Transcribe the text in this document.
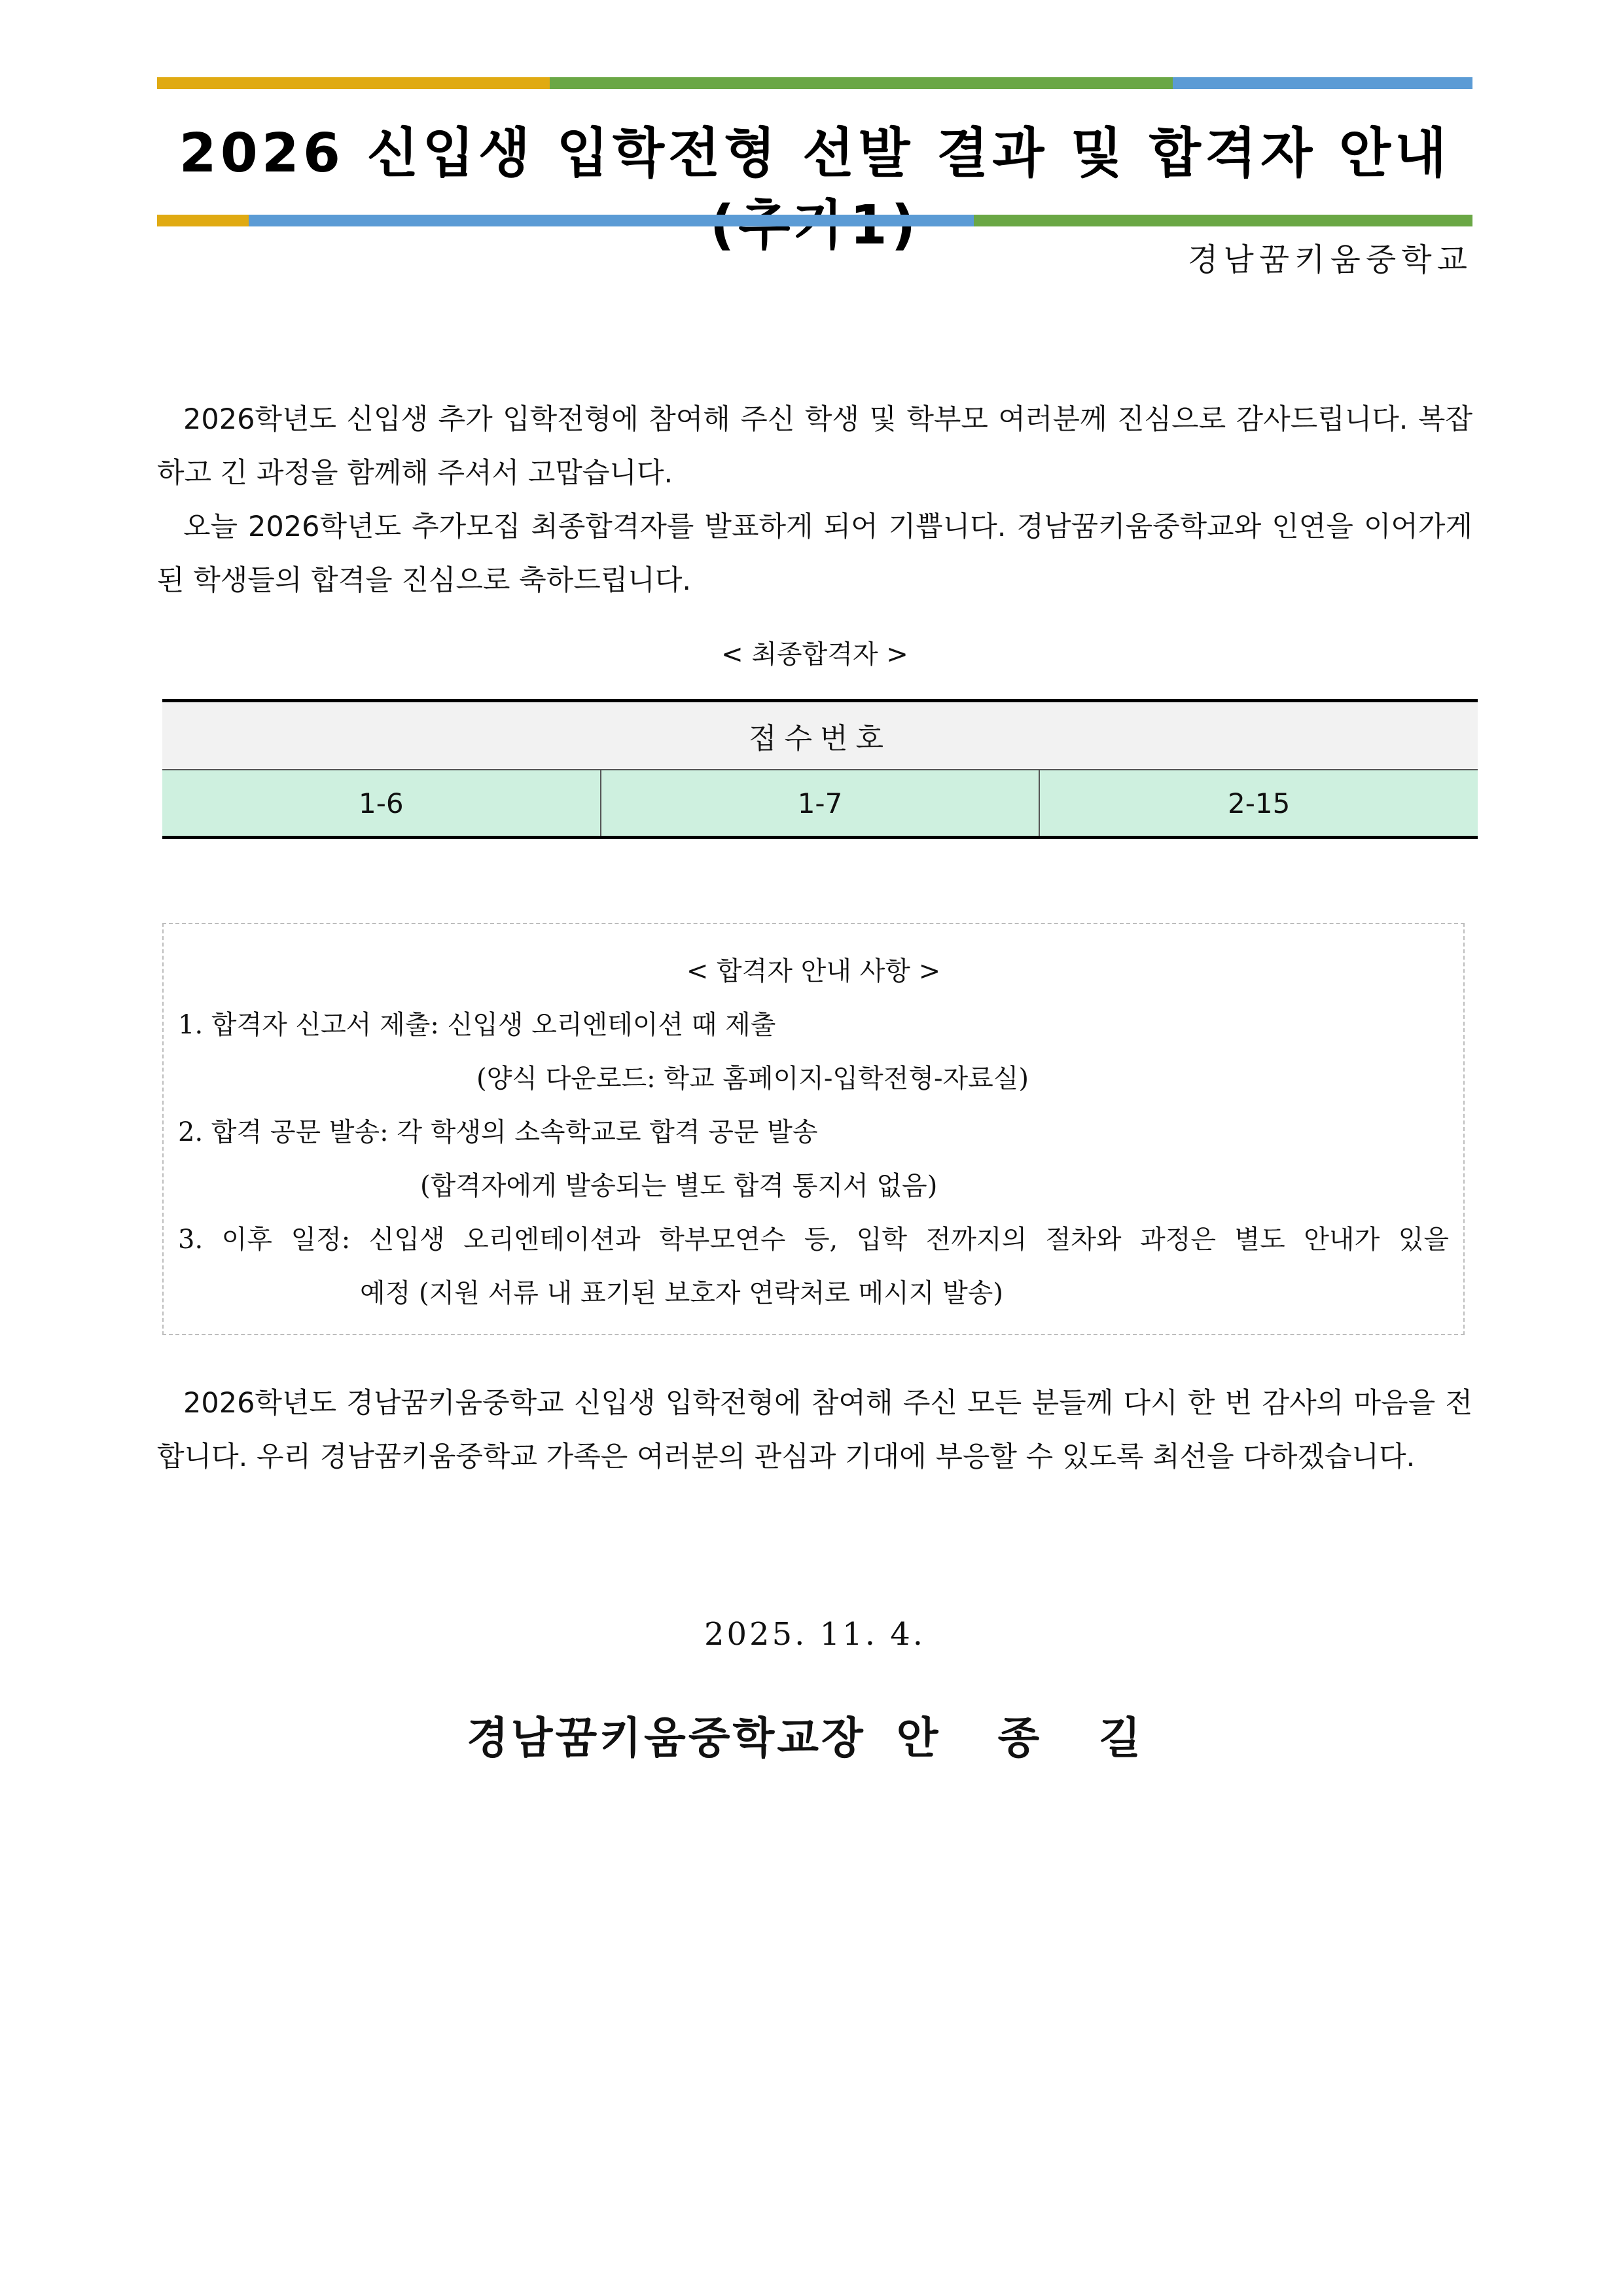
2026 신입생 입학전형 선발 결과 및 합격자 안내
경남꿈키움중학교

2026학년도 신입생 추가 입학전형에 참여해 주신 학생 및 학부모 여러분께 진심으로 감사드립니다. 복잡하고 긴 과정을 함께해 주셔서 고맙습니다.

오늘 2026학년도 추가모집 최종합격자를 발표하게 되어 기쁩니다. 경남꿈키움중학교와 인연을 이어가게 된 학생들의 합격을 진심으로 축하드립니다.

< 최종합격자 >
접수번호
1-6	1-7	2-15
< 합격자 안내 사항 >
1. 합격자 신고서 제출: 신입생 오리엔테이션 때 제출
(양식 다운로드: 학교 홈페이지-입학전형-자료실)
2. 합격 공문 발송: 각 학생의 소속학교로 합격 공문 발송
(합격자에게 발송되는 별도 합격 통지서 없음)
3. 이후 일정: 신입생 오리엔테이션과 학부모연수 등, 입학 전까지의 절차와 과정은 별도 안내가 있을
예정 (지원 서류 내 표기된 보호자 연락처로 메시지 발송)

2026학년도 경남꿈키움중학교 신입생 입학전형에 참여해 주신 모든 분들께 다시 한 번 감사의 마음을 전합니다. 우리 경남꿈키움중학교 가족은 여러분의 관심과 기대에 부응할 수 있도록 최선을 다하겠습니다.

2025. 11. 4.
경남꿈키움중학교장 안 종 길
